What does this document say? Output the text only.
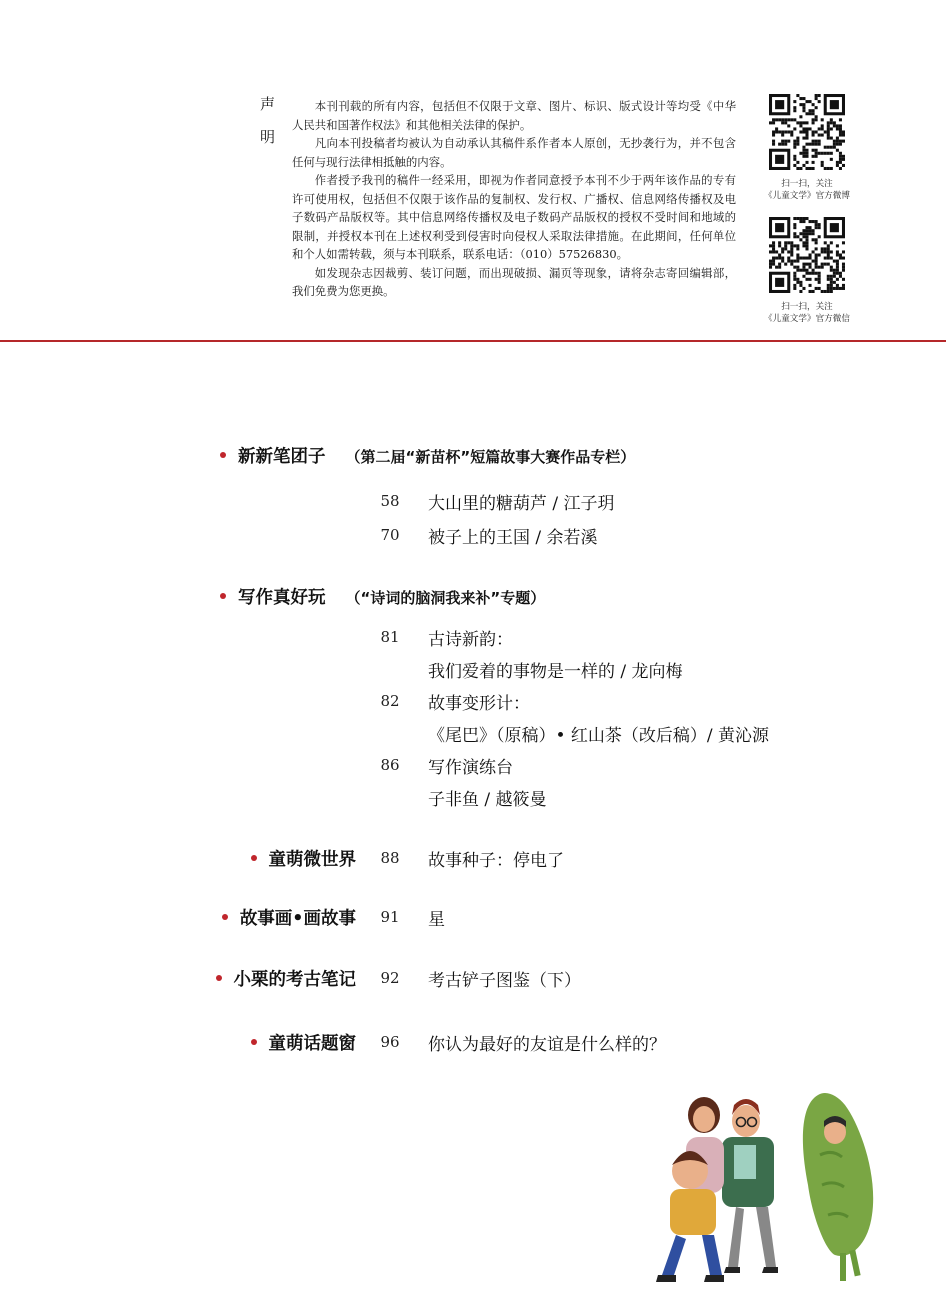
声明	本刊刊载的所有内容，包括但不仅限于文章、图片、标识、版式设计等均受《中华人民共和国著作权法》和其他相关法律的保护。

凡向本刊投稿者均被认为自动承认其稿件系作者本人原创，无抄袭行为，并不包含任何与现行法律相抵触的内容。

作者授予我刊的稿件一经采用，即视为作者同意授予本刊不少于两年该作品的专有许可使用权，包括但不仅限于该作品的复制权、发行权、广播权、信息网络传播权及电子数码产品版权等。其中信息网络传播权及电子数码产品版权的授权不受时间和地域的限制，并授权本刊在上述权利受到侵害时向侵权人采取法律措施。在此期间，任何单位和个人如需转载，须与本刊联系，联系电话：（010）57526830。

如发现杂志因裁剪、装订问题，而出现破损、漏页等现象，请将杂志寄回编辑部，我们免费为您更换。

扫一扫，关注
《儿童文学》官方微博
扫一扫，关注
《儿童文学》官方微信
新新笔团子 （第二届“新苗杯”短篇故事大赛作品专栏）
58	大山里的糖葫芦 / 江子玥
70	被子上的王国 / 余若溪
写作真好玩 （“诗词的脑洞我来补”专题）
81	古诗新韵：
我们爱着的事物是一样的 / 龙向梅
82	故事变形计：
《尾巴》（原稿）• 红山茶（改后稿）/ 黄沁源
86	写作演练台
子非鱼 / 越筱曼
童萌微世界	88	故事种子：停电了
故事画•画故事	91	星
小栗的考古笔记	92	考古铲子图鉴（下）
童萌话题窗	96	你认为最好的友谊是什么样的？
